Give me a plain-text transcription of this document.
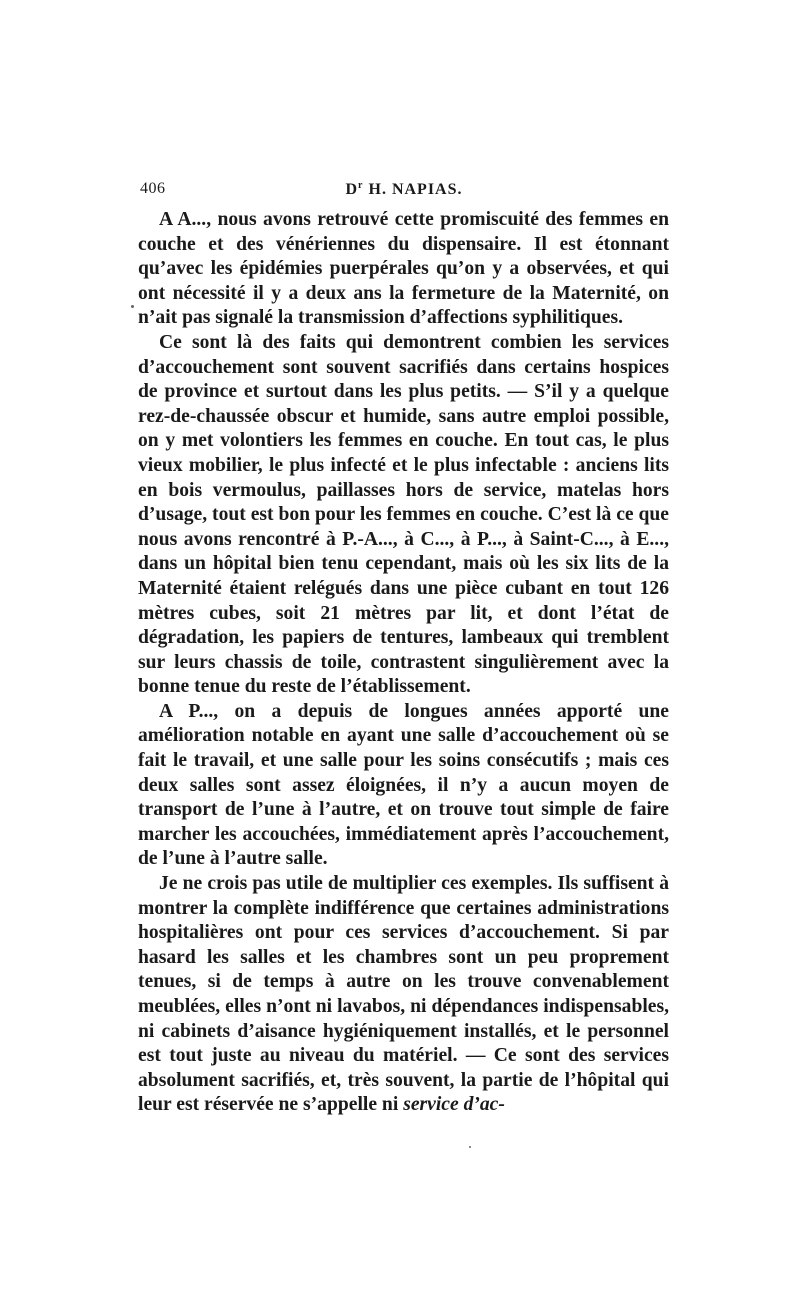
406	$D^r$ H. NAPIAS.

A A..., nous avons retrouvé cette promiscuité des femmes en couche et des vénériennes du dispensaire. Il est étonnant qu’avec les épidémies puerpérales qu’on y a observées, et qui ont nécessité il y a deux ans la fermeture de la Maternité, on n’ait pas signalé la transmission d’affections syphilitiques.

Ce sont là des faits qui demontrent combien les services d’accouchement sont souvent sacrifiés dans certains hospices de province et surtout dans les plus petits. — S’il y a quelque rez-de-chaussée obscur et humide, sans autre emploi possible, on y met volontiers les femmes en couche. En tout cas, le plus vieux mobilier, le plus infecté et le plus infectable : anciens lits en bois vermoulus, paillasses hors de service, matelas hors d’usage, tout est bon pour les femmes en couche. C’est là ce que nous avons rencontré à P.-A..., à C..., à P..., à Saint-C..., à E..., dans un hôpital bien tenu cependant, mais où les six lits de la Maternité étaient relégués dans une pièce cubant en tout 126 mètres cubes, soit 21 mètres par lit, et dont l’état de dégradation, les papiers de tentures, lambeaux qui tremblent sur leurs chassis de toile, contrastent singulièrement avec la bonne tenue du reste de l’établissement.

A P..., on a depuis de longues années apporté une amélioration notable en ayant une salle d’accouchement où se fait le travail, et une salle pour les soins consécutifs ; mais ces deux salles sont assez éloignées, il n’y a aucun moyen de transport de l’une à l’autre, et on trouve tout simple de faire marcher les accouchées, immédiatement après l’accouchement, de l’une à l’autre salle.

Je ne crois pas utile de multiplier ces exemples. Ils suffisent à montrer la complète indifférence que certaines administrations hospitalières ont pour ces services d’accouchement. Si par hasard les salles et les chambres sont un peu proprement tenues, si de temps à autre on les trouve convenablement meublées, elles n’ont ni lavabos, ni dépendances indispensables, ni cabinets d’aisance hygiéniquement installés, et le personnel est tout juste au niveau du matériel. — Ce sont des services absolument sacrifiés, et, très souvent, la partie de l’hôpital qui leur est réservée ne s’appelle ni service d’ac-
